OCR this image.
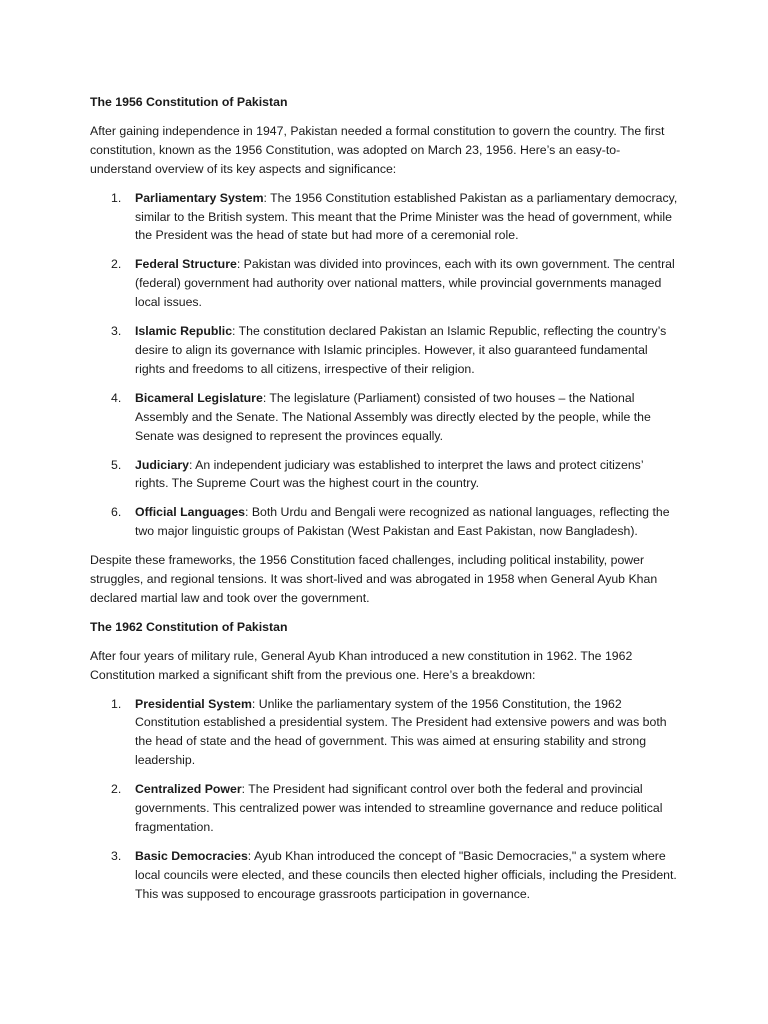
The 1956 Constitution of Pakistan

After gaining independence in 1947, Pakistan needed a formal constitution to govern the country. The first constitution, known as the 1956 Constitution, was adopted on March 23, 1956. Here’s an easy-to-understand overview of its key aspects and significance:

1. Parliamentary System: The 1956 Constitution established Pakistan as a parliamentary democracy, similar to the British system. This meant that the Prime Minister was the head of government, while the President was the head of state but had more of a ceremonial role.
2. Federal Structure: Pakistan was divided into provinces, each with its own government. The central (federal) government had authority over national matters, while provincial governments managed local issues.
3. Islamic Republic: The constitution declared Pakistan an Islamic Republic, reflecting the country’s desire to align its governance with Islamic principles. However, it also guaranteed fundamental rights and freedoms to all citizens, irrespective of their religion.
4. Bicameral Legislature: The legislature (Parliament) consisted of two houses – the National Assembly and the Senate. The National Assembly was directly elected by the people, while the Senate was designed to represent the provinces equally.
5. Judiciary: An independent judiciary was established to interpret the laws and protect citizens’ rights. The Supreme Court was the highest court in the country.
6. Official Languages: Both Urdu and Bengali were recognized as national languages, reflecting the two major linguistic groups of Pakistan (West Pakistan and East Pakistan, now Bangladesh).

Despite these frameworks, the 1956 Constitution faced challenges, including political instability, power struggles, and regional tensions. It was short-lived and was abrogated in 1958 when General Ayub Khan declared martial law and took over the government.

The 1962 Constitution of Pakistan

After four years of military rule, General Ayub Khan introduced a new constitution in 1962. The 1962 Constitution marked a significant shift from the previous one. Here’s a breakdown:

1. Presidential System: Unlike the parliamentary system of the 1956 Constitution, the 1962 Constitution established a presidential system. The President had extensive powers and was both the head of state and the head of government. This was aimed at ensuring stability and strong leadership.
2. Centralized Power: The President had significant control over both the federal and provincial governments. This centralized power was intended to streamline governance and reduce political fragmentation.
3. Basic Democracies: Ayub Khan introduced the concept of "Basic Democracies," a system where local councils were elected, and these councils then elected higher officials, including the President. This was supposed to encourage grassroots participation in governance.
